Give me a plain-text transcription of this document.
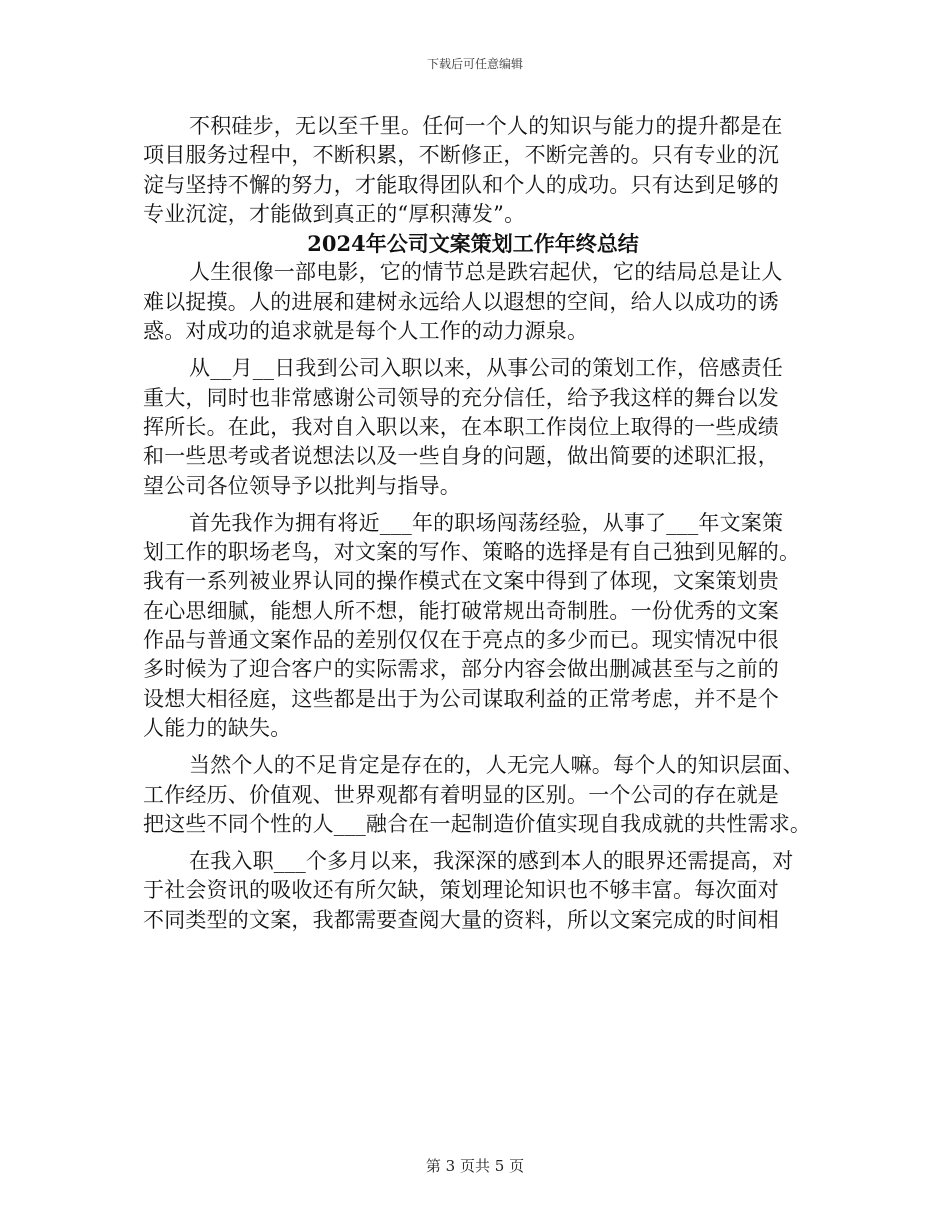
下载后可任意编辑
不积硅步，无以至千里。任何一个人的知识与能力的提升都是在
项目服务过程中，不断积累，不断修正，不断完善的。只有专业的沉
淀与坚持不懈的努力，才能取得团队和个人的成功。只有达到足够的
专业沉淀，才能做到真正的“厚积薄发”。
2024年公司文案策划工作年终总结
人生很像一部电影，它的情节总是跌宕起伏，它的结局总是让人
难以捉摸。人的进展和建树永远给人以遐想的空间，给人以成功的诱
惑。对成功的追求就是每个人工作的动力源泉。
从__月__日我到公司入职以来，从事公司的策划工作，倍感责任
重大，同时也非常感谢公司领导的充分信任，给予我这样的舞台以发
挥所长。在此，我对自入职以来，在本职工作岗位上取得的一些成绩
和一些思考或者说想法以及一些自身的问题，做出简要的述职汇报，
望公司各位领导予以批判与指导。
首先我作为拥有将近___年的职场闯荡经验，从事了___年文案策
划工作的职场老鸟，对文案的写作、策略的选择是有自己独到见解的。
我有一系列被业界认同的操作模式在文案中得到了体现，文案策划贵
在心思细腻，能想人所不想，能打破常规出奇制胜。一份优秀的文案
作品与普通文案作品的差别仅仅在于亮点的多少而已。现实情况中很
多时候为了迎合客户的实际需求，部分内容会做出删减甚至与之前的
设想大相径庭，这些都是出于为公司谋取利益的正常考虑，并不是个
人能力的缺失。
当然个人的不足肯定是存在的，人无完人嘛。每个人的知识层面、
工作经历、价值观、世界观都有着明显的区别。一个公司的存在就是
把这些不同个性的人___融合在一起制造价值实现自我成就的共性需求。
在我入职___个多月以来，我深深的感到本人的眼界还需提高，对
于社会资讯的吸收还有所欠缺，策划理论知识也不够丰富。每次面对
不同类型的文案，我都需要查阅大量的资料，所以文案完成的时间相
第 3 页共 5 页
